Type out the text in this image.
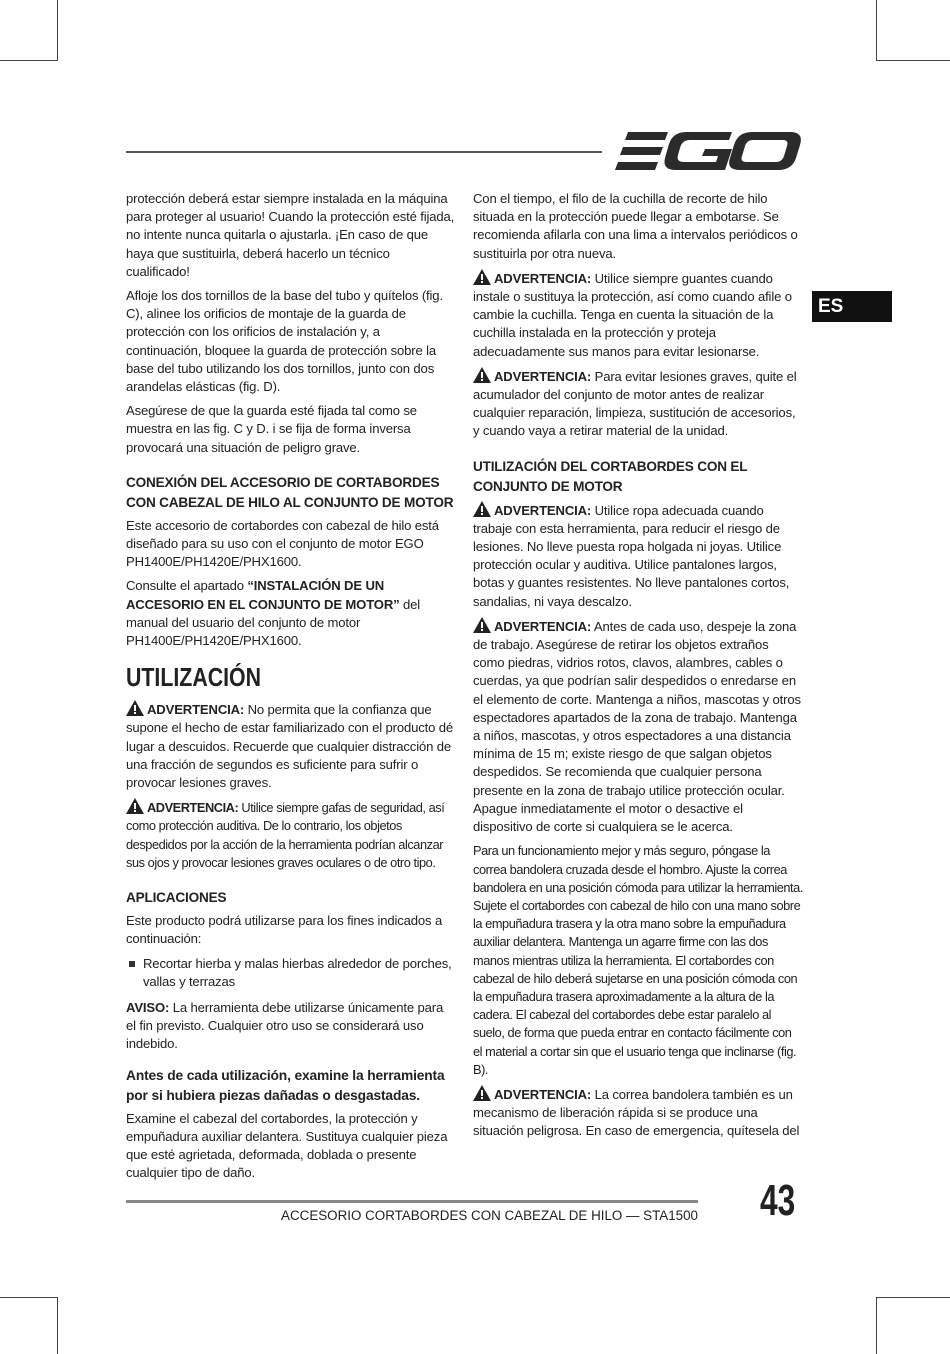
ES

protección deberá estar siempre instalada en la máquina para proteger al usuario! Cuando la protección esté fijada, no intente nunca quitarla o ajustarla. ¡En caso de que haya que sustituirla, deberá hacerlo un técnico cualificado!

Afloje los dos tornillos de la base del tubo y quítelos (fig. C), alinee los orificios de montaje de la guarda de protección con los orificios de instalación y, a continuación, bloquee la guarda de protección sobre la base del tubo utilizando los dos tornillos, junto con dos arandelas elásticas (fig. D).

Asegúrese de que la guarda esté fijada tal como se muestra en las fig. C y D. i se fija de forma inversa provocará una situación de peligro grave.

CONEXIÓN DEL ACCESORIO DE CORTABORDES CON CABEZAL DE HILO AL CONJUNTO DE MOTOR

Este accesorio de cortabordes con cabezal de hilo está diseñado para su uso con el conjunto de motor EGO PH1400E/PH1420E/PHX1600.

Consulte el apartado “INSTALACIÓN DE UN ACCESORIO EN EL CONJUNTO DE MOTOR” del manual del usuario del conjunto de motor PH1400E/PH1420E/PHX1600.

UTILIZACIÓN

ADVERTENCIA: No permita que la confianza que supone el hecho de estar familiarizado con el producto dé lugar a descuidos. Recuerde que cualquier distracción de una fracción de segundos es suficiente para sufrir o provocar lesiones graves.

ADVERTENCIA: Utilice siempre gafas de seguridad, así como protección auditiva. De lo contrario, los objetos despedidos por la acción de la herramienta podrían alcanzar sus ojos y provocar lesiones graves oculares o de otro tipo.

APLICACIONES

Este producto podrá utilizarse para los fines indicados a continuación:

Recortar hierba y malas hierbas alrededor de porches, vallas y terrazas

AVISO: La herramienta debe utilizarse únicamente para el fin previsto. Cualquier otro uso se considerará uso indebido.

Antes de cada utilización, examine la herramienta por si hubiera piezas dañadas o desgastadas.

Examine el cabezal del cortabordes, la protección y empuñadura auxiliar delantera. Sustituya cualquier pieza que esté agrietada, deformada, doblada o presente cualquier tipo de daño.

Con el tiempo, el filo de la cuchilla de recorte de hilo situada en la protección puede llegar a embotarse. Se recomienda afilarla con una lima a intervalos periódicos o sustituirla por otra nueva.

ADVERTENCIA: Utilice siempre guantes cuando instale o sustituya la protección, así como cuando afile o cambie la cuchilla. Tenga en cuenta la situación de la cuchilla instalada en la protección y proteja adecuadamente sus manos para evitar lesionarse.

ADVERTENCIA: Para evitar lesiones graves, quite el acumulador del conjunto de motor antes de realizar cualquier reparación, limpieza, sustitución de accesorios, y cuando vaya a retirar material de la unidad.

UTILIZACIÓN DEL CORTABORDES CON EL CONJUNTO DE MOTOR

ADVERTENCIA: Utilice ropa adecuada cuando trabaje con esta herramienta, para reducir el riesgo de lesiones. No lleve puesta ropa holgada ni joyas. Utilice protección ocular y auditiva. Utilice pantalones largos, botas y guantes resistentes. No lleve pantalones cortos, sandalias, ni vaya descalzo.

ADVERTENCIA: Antes de cada uso, despeje la zona de trabajo. Asegúrese de retirar los objetos extraños como piedras, vidrios rotos, clavos, alambres, cables o cuerdas, ya que podrían salir despedidos o enredarse en el elemento de corte. Mantenga a niños, mascotas y otros espectadores apartados de la zona de trabajo. Mantenga a niños, mascotas, y otros espectadores a una distancia mínima de 15 m; existe riesgo de que salgan objetos despedidos. Se recomienda que cualquier persona presente en la zona de trabajo utilice protección ocular. Apague inmediatamente el motor o desactive el dispositivo de corte si cualquiera se le acerca.

Para un funcionamiento mejor y más seguro, póngase la correa bandolera cruzada desde el hombro. Ajuste la correa bandolera en una posición cómoda para utilizar la herramienta. Sujete el cortabordes con cabezal de hilo con una mano sobre la empuñadura trasera y la otra mano sobre la empuñadura auxiliar delantera. Mantenga un agarre firme con las dos manos mientras utiliza la herramienta. El cortabordes con cabezal de hilo deberá sujetarse en una posición cómoda con la empuñadura trasera aproximadamente a la altura de la cadera. El cabezal del cortabordes debe estar paralelo al suelo, de forma que pueda entrar en contacto fácilmente con el material a cortar sin que el usuario tenga que inclinarse (fig. B).

ADVERTENCIA: La correa bandolera también es un mecanismo de liberación rápida si se produce una situación peligrosa. En caso de emergencia, quítesela del

ACCESORIO CORTABORDES CON CABEZAL DE HILO — STA1500 43
